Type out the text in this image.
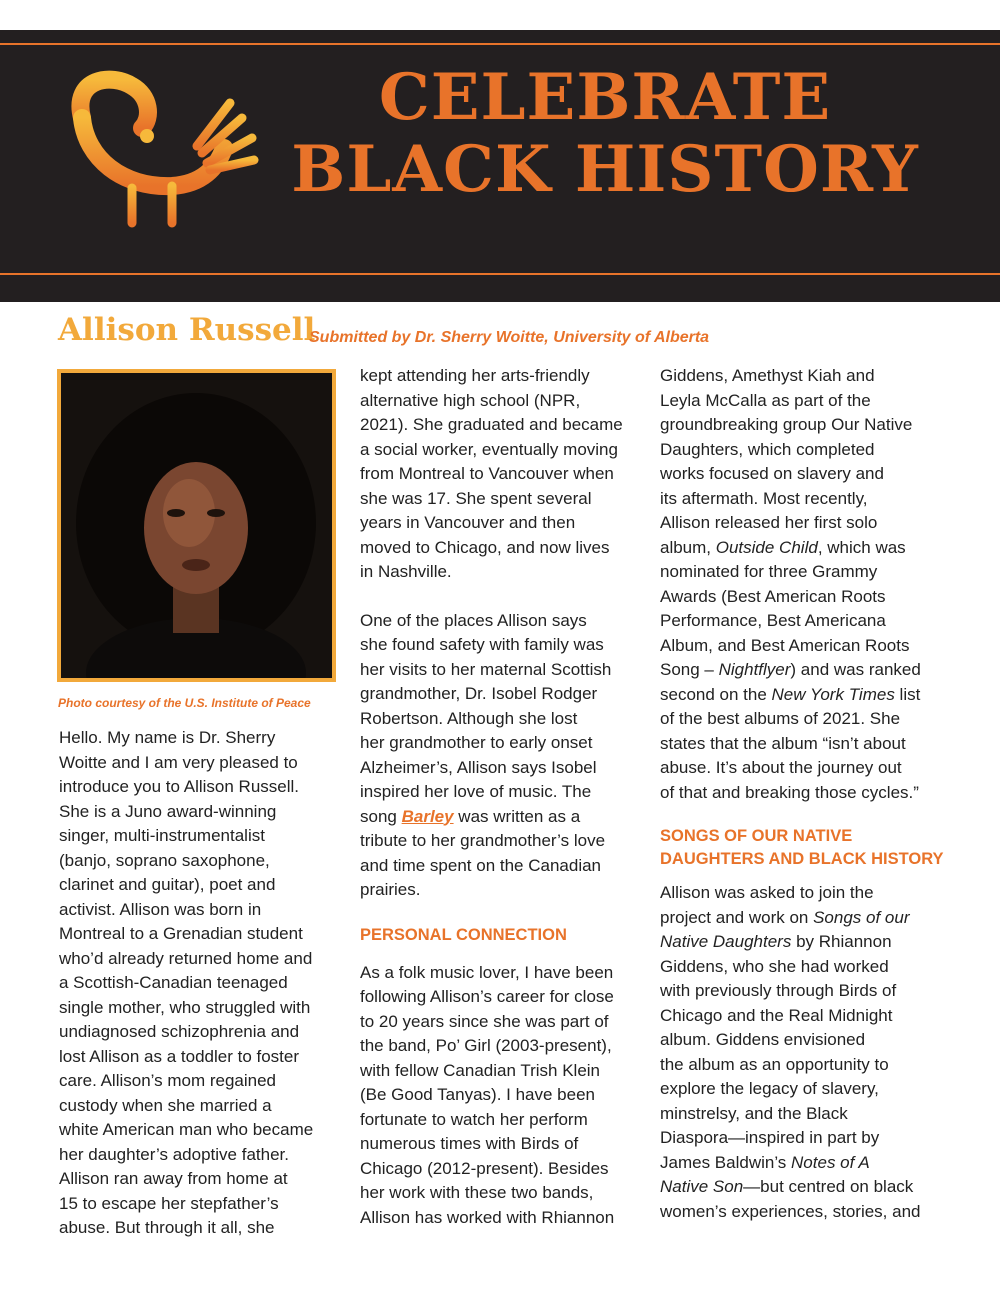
CELEBRATE
BLACK HISTORY
Allison Russell
Submitted by Dr. Sherry Woitte, University of Alberta
Photo courtesy of the U.S. Institute of Peace
Hello. My name is Dr. Sherry
Woitte and I am very pleased to
introduce you to Allison Russell.
She is a Juno award-winning
singer, multi-instrumentalist
(banjo, soprano saxophone,
clarinet and guitar), poet and
activist. Allison was born in
Montreal to a Grenadian student
who’d already returned home and
a Scottish-Canadian teenaged
single mother, who struggled with
undiagnosed schizophrenia and
lost Allison as a toddler to foster
care. Allison’s mom regained
custody when she married a
white American man who became
her daughter’s adoptive father.
Allison ran away from home at
15 to escape her stepfather’s
abuse. But through it all, she
kept attending her arts-friendly
alternative high school (NPR,
2021). She graduated and became
a social worker, eventually moving
from Montreal to Vancouver when
she was 17. She spent several
years in Vancouver and then
moved to Chicago, and now lives
in Nashville.
One of the places Allison says
she found safety with family was
her visits to her maternal Scottish
grandmother, Dr. Isobel Rodger
Robertson. Although she lost
her grandmother to early onset
Alzheimer’s, Allison says Isobel
inspired her love of music. The
song Barley was written as a
tribute to her grandmother’s love
and time spent on the Canadian
prairies.
PERSONAL CONNECTION
As a folk music lover, I have been
following Allison’s career for close
to 20 years since she was part of
the band, Po’ Girl (2003-present),
with fellow Canadian Trish Klein
(Be Good Tanyas). I have been
fortunate to watch her perform
numerous times with Birds of
Chicago (2012-present). Besides
her work with these two bands,
Allison has worked with Rhiannon
Giddens, Amethyst Kiah and
Leyla McCalla as part of the
groundbreaking group Our Native
Daughters, which completed
works focused on slavery and
its aftermath. Most recently,
Allison released her first solo
album, Outside Child, which was
nominated for three Grammy
Awards (Best American Roots
Performance, Best Americana
Album, and Best American Roots
Song – Nightflyer) and was ranked
second on the New York Times list
of the best albums of 2021. She
states that the album “isn’t about
abuse. It’s about the journey out
of that and breaking those cycles.”
SONGS OF OUR NATIVE
DAUGHTERS AND BLACK HISTORY
Allison was asked to join the
project and work on Songs of our
Native Daughters by Rhiannon
Giddens, who she had worked
with previously through Birds of
Chicago and the Real Midnight
album. Giddens envisioned
the album as an opportunity to
explore the legacy of slavery,
minstrelsy, and the Black
Diaspora—inspired in part by
James Baldwin’s Notes of A
Native Son—but centred on black
women’s experiences, stories, and
